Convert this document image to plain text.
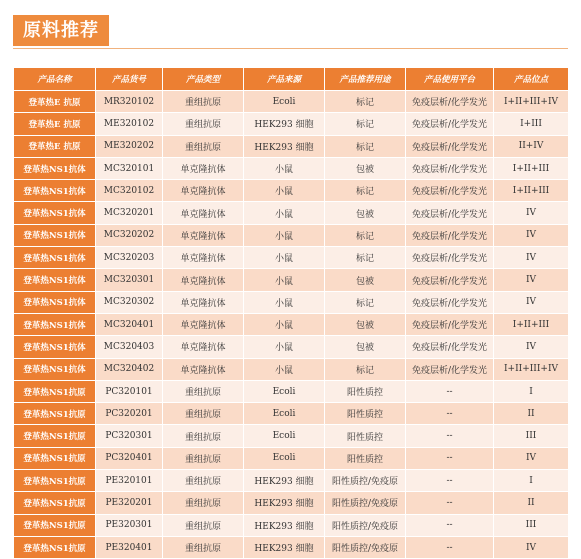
原料推荐
产品名称	产品货号	产品类型	产品来源	产品推荐用途	产品使用平台	产品位点
登革热E 抗原	MR320102	重组抗原	Ecoli	标记	免疫层析/化学发光	I+II+III+IV
登革热E 抗原	ME320102	重组抗原	HEK293 细胞	标记	免疫层析/化学发光	I+III
登革热E 抗原	ME320202	重组抗原	HEK293 细胞	标记	免疫层析/化学发光	II+IV
登革热NS1抗体	MC320101	单克隆抗体	小鼠	包被	免疫层析/化学发光	I+II+III
登革热NS1抗体	MC320102	单克隆抗体	小鼠	标记	免疫层析/化学发光	I+II+III
登革热NS1抗体	MC320201	单克隆抗体	小鼠	包被	免疫层析/化学发光	IV
登革热NS1抗体	MC320202	单克隆抗体	小鼠	标记	免疫层析/化学发光	IV
登革热NS1抗体	MC320203	单克隆抗体	小鼠	标记	免疫层析/化学发光	IV
登革热NS1抗体	MC320301	单克隆抗体	小鼠	包被	免疫层析/化学发光	IV
登革热NS1抗体	MC320302	单克隆抗体	小鼠	标记	免疫层析/化学发光	IV
登革热NS1抗体	MC320401	单克隆抗体	小鼠	包被	免疫层析/化学发光	I+II+III
登革热NS1抗体	MC320403	单克隆抗体	小鼠	包被	免疫层析/化学发光	IV
登革热NS1抗体	MC320402	单克隆抗体	小鼠	标记	免疫层析/化学发光	I+II+III+IV
登革热NS1抗原	PC320101	重组抗原	Ecoli	阳性质控	--	I
登革热NS1抗原	PC320201	重组抗原	Ecoli	阳性质控	--	II
登革热NS1抗原	PC320301	重组抗原	Ecoli	阳性质控	--	III
登革热NS1抗原	PC320401	重组抗原	Ecoli	阳性质控	--	IV
登革热NS1抗原	PE320101	重组抗原	HEK293 细胞	阳性质控/免疫原	--	I
登革热NS1抗原	PE320201	重组抗原	HEK293 细胞	阳性质控/免疫原	--	II
登革热NS1抗原	PE320301	重组抗原	HEK293 细胞	阳性质控/免疫原	--	III
登革热NS1抗原	PE320401	重组抗原	HEK293 细胞	阳性质控/免疫原	--	IV
